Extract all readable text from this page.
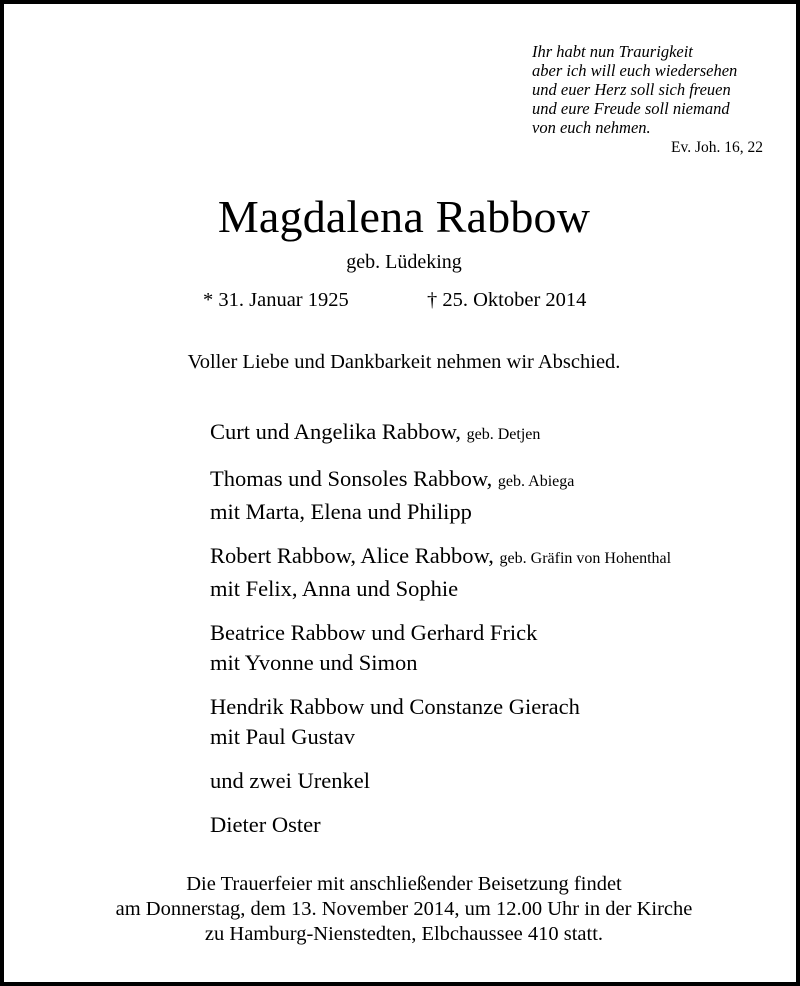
Ihr habt nun Traurigkeit
aber ich will euch wiedersehen
und euer Herz soll sich freuen
und eure Freude soll niemand
von euch nehmen.
Ev. Joh. 16, 22
Magdalena Rabbow
geb. Lüdeking
* 31. Januar 1925	† 25. Oktober 2014
Voller Liebe und Dankbarkeit nehmen wir Abschied.
Curt und Angelika Rabbow, geb. Detjen
Thomas und Sonsoles Rabbow, geb. Abiega
mit Marta, Elena und Philipp
Robert Rabbow, Alice Rabbow, geb. Gräfin von Hohenthal
mit Felix, Anna und Sophie
Beatrice Rabbow und Gerhard Frick
mit Yvonne und Simon
Hendrik Rabbow und Constanze Gierach
mit Paul Gustav
und zwei Urenkel
Dieter Oster
Die Trauerfeier mit anschließender Beisetzung findet
am Donnerstag, dem 13. November 2014, um 12.00 Uhr in der Kirche
zu Hamburg-Nienstedten, Elbchaussee 410 statt.
